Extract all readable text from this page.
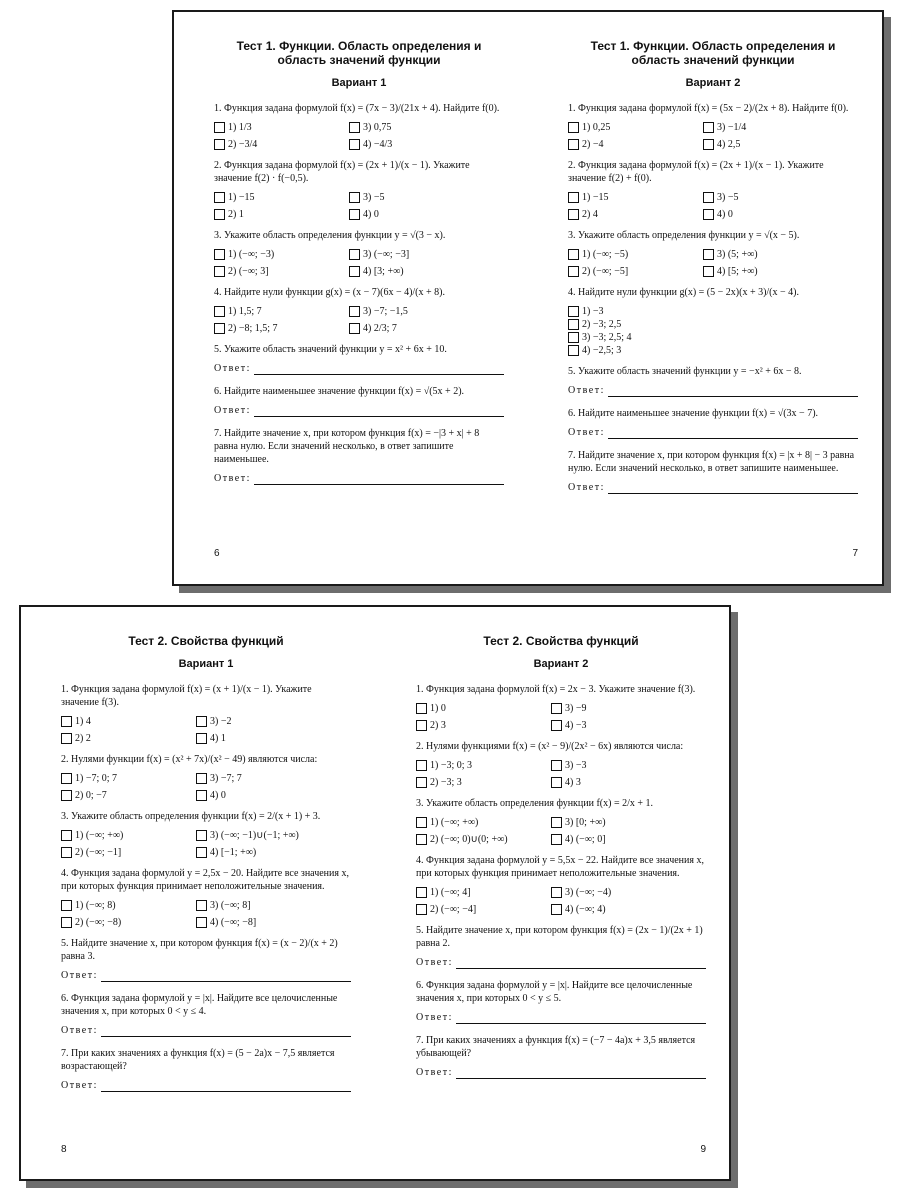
Тест 1. Функции. Область определения и область значений функции
Вариант 1
1. Функция задана формулой f(x) = (7x − 3)/(21x + 4). Найдите f(0).
1) 1/3	3) 0,75
2) −3/4	4) −4/3
2. Функция задана формулой f(x) = (2x + 1)/(x − 1). Укажите значение f(2) · f(−0,5).
1) −15	3) −5
2) 1	4) 0
3. Укажите область определения функции y = √(3 − x).
1) (−∞; −3)	3) (−∞; −3]
2) (−∞; 3]	4) [3; +∞)
4. Найдите нули функции g(x) = (x − 7)(6x − 4)/(x + 8).
1) 1,5; 7	3) −7; −1,5
2) −8; 1,5; 7	4) 2/3; 7
5. Укажите область значений функции y = x² + 6x + 10.
Ответ:
6. Найдите наименьшее значение функции f(x) = √(5x + 2).
Ответ:
7. Найдите значение x, при котором функция f(x) = −|3 + x| + 8 равна нулю. Если значений несколько, в ответ запишите наименьшее.
Ответ:
6
Тест 1. Функции. Область определения и область значений функции
Вариант 2
1. Функция задана формулой f(x) = (5x − 2)/(2x + 8). Найдите f(0).
1) 0,25	3) −1/4
2) −4	4) 2,5
2. Функция задана формулой f(x) = (2x + 1)/(x − 1). Укажите значение f(2) + f(0).
1) −15	3) −5
2) 4	4) 0
3. Укажите область определения функции y = √(x − 5).
1) (−∞; −5)	3) (5; +∞)
2) (−∞; −5]	4) [5; +∞)
4. Найдите нули функции g(x) = (5 − 2x)(x + 3)/(x − 4).
1) −3
2) −3; 2,5
3) −3; 2,5; 4
4) −2,5; 3
5. Укажите область значений функции y = −x² + 6x − 8.
Ответ:
6. Найдите наименьшее значение функции f(x) = √(3x − 7).
Ответ:
7. Найдите значение x, при котором функция f(x) = |x + 8| − 3 равна нулю. Если значений несколько, в ответ запишите наименьшее.
Ответ:
7
Тест 2. Свойства функций
Вариант 1
1. Функция задана формулой f(x) = (x + 1)/(x − 1). Укажите значение f(3).
1) 4	3) −2
2) 2	4) 1
2. Нулями функции f(x) = (x² + 7x)/(x² − 49) являются числа:
1) −7; 0; 7	3) −7; 7
2) 0; −7	4) 0
3. Укажите область определения функции f(x) = 2/(x + 1) + 3.
1) (−∞; +∞)	3) (−∞; −1)∪(−1; +∞)
2) (−∞; −1]	4) [−1; +∞)
4. Функция задана формулой y = 2,5x − 20. Найдите все значения x, при которых функция принимает неположительные значения.
1) (−∞; 8)	3) (−∞; 8]
2) (−∞; −8)	4) (−∞; −8]
5. Найдите значение x, при котором функция f(x) = (x − 2)/(x + 2) равна 3.
Ответ:
6. Функция задана формулой y = |x|. Найдите все целочисленные значения x, при которых 0 < y ≤ 4.
Ответ:
7. При каких значениях a функция f(x) = (5 − 2a)x − 7,5 является возрастающей?
Ответ:
8
Тест 2. Свойства функций
Вариант 2
1. Функция задана формулой f(x) = 2x − 3. Укажите значение f(3).
1) 0	3) −9
2) 3	4) −3
2. Нулями функциями f(x) = (x² − 9)/(2x² − 6x) являются числа:
1) −3; 0; 3	3) −3
2) −3; 3	4) 3
3. Укажите область определения функции f(x) = 2/x + 1.
1) (−∞; +∞)	3) [0; +∞)
2) (−∞; 0)∪(0; +∞)	4) (−∞; 0]
4. Функция задана формулой y = 5,5x − 22. Найдите все значения x, при которых функция принимает неположительные значения.
1) (−∞; 4]	3) (−∞; −4)
2) (−∞; −4]	4) (−∞; 4)
5. Найдите значение x, при котором функция f(x) = (2x − 1)/(2x + 1) равна 2.
Ответ:
6. Функция задана формулой y = |x|. Найдите все целочисленные значения x, при которых 0 < y ≤ 5.
Ответ:
7. При каких значениях a функция f(x) = (−7 − 4a)x + 3,5 является убывающей?
Ответ:
9
